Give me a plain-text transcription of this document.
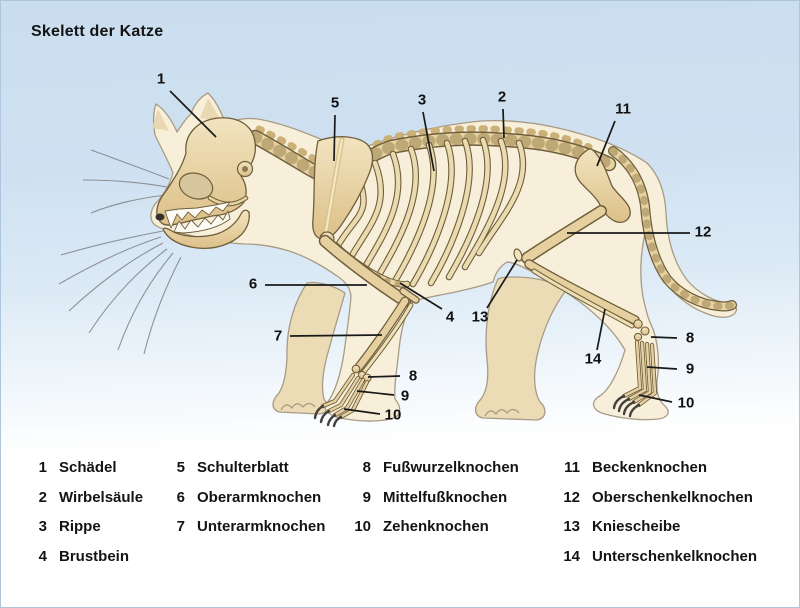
Skelett der Katze
1
5	3	2
11
12
6
7
4 13
8
9
10
14
8
9
10
1 Schädel
2 Wirbelsäule
3 Rippe
4 Brustbein
5 Schulterblatt
6 Oberarmknochen
7 Unterarmknochen
8 Fußwurzelknochen
9 Mittelfußknochen
10 Zehenknochen
11 Beckenknochen
12 Oberschenkelknochen
13 Kniescheibe
14 Unterschenkelknochen
